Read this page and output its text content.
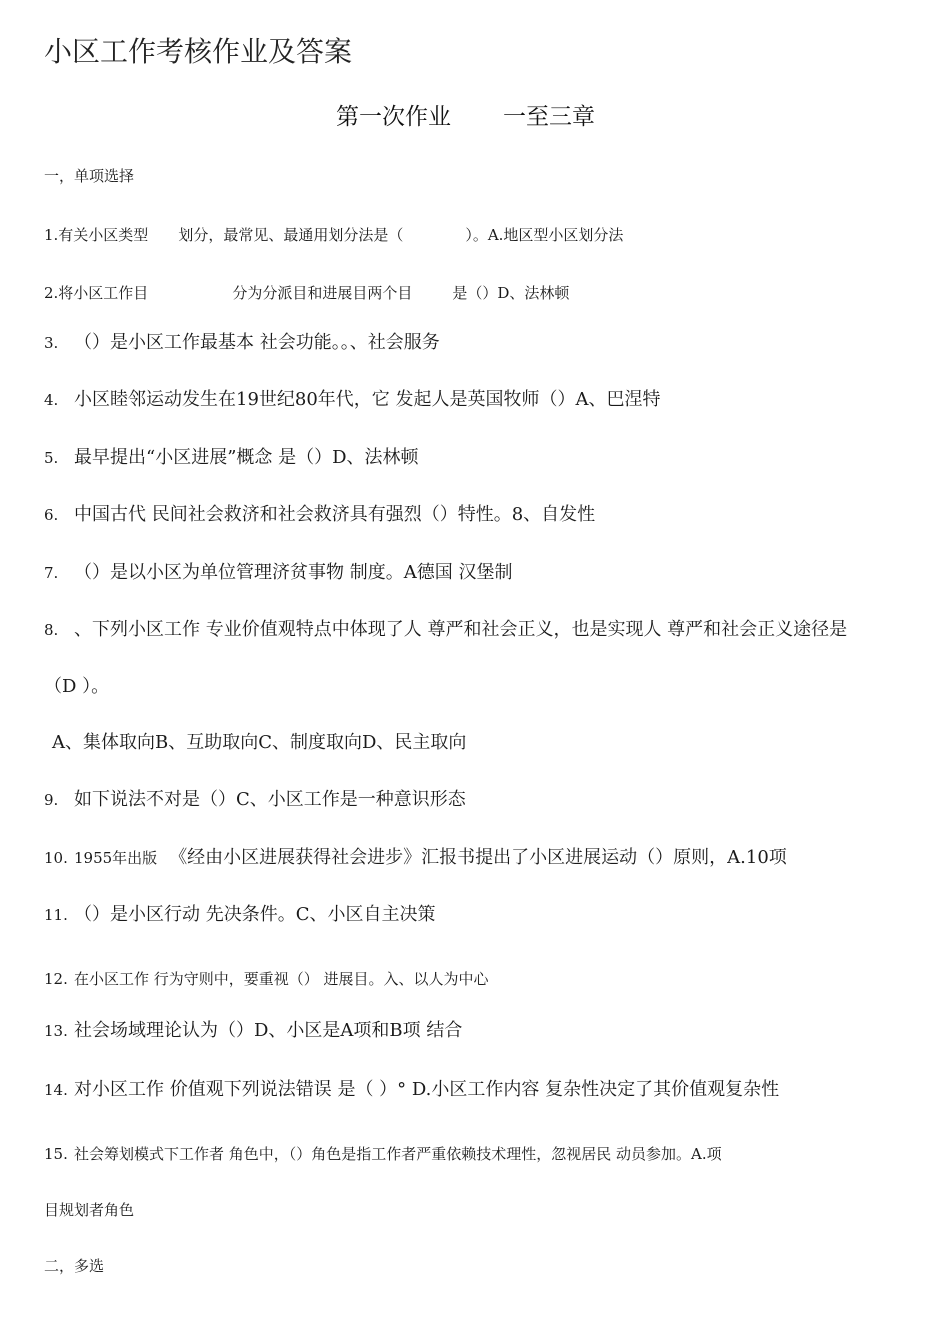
小区工作考核作业及答案
第一次作业 一至三章
一，单项选择
1.有关小区类型 划分，最常见、最通用划分法是（	）。A.地区型小区划分法
2.将小区工作目	分为分派目和进展目两个目	是（）D、法林顿
3. （）是小区工作最基本 社会功能。。、社会服务
4. 小区睦邻运动发生在19世纪80年代，它 发起人是英国牧师（）A、巴涅特
5. 最早提出“小区进展”概念 是（）D、法林顿
6. 中国古代 民间社会救济和社会救济具有强烈（）特性。8、自发性
7. （）是以小区为单位管理济贫事物 制度。A德国 汉堡制
8. 、下列小区工作 专业价值观特点中体现了人 尊严和社会正义，也是实现人 尊严和社会正义途径是
（D ）。
A、集体取向B、互助取向C、制度取向D、民主取向
9. 如下说法不对是（）C、小区工作是一种意识形态
10. 1955年出版 《经由小区进展获得社会进步》汇报书提出了小区进展运动（）原则，A.10项
11. （）是小区行动 先决条件。C、小区自主决策
12. 在小区工作 行为守则中，要重视（） 进展目。入、以人为中心
13. 社会场域理论认为（）D、小区是A项和B项 结合
14. 对小区工作 价值观下列说法错误 是（ ）° D.小区工作内容 复杂性决定了其价值观复杂性
15. 社会筹划模式下工作者 角色中，（）角色是指工作者严重依赖技术理性，忽视居民 动员参加。A.项
目规划者角色
二，多选
